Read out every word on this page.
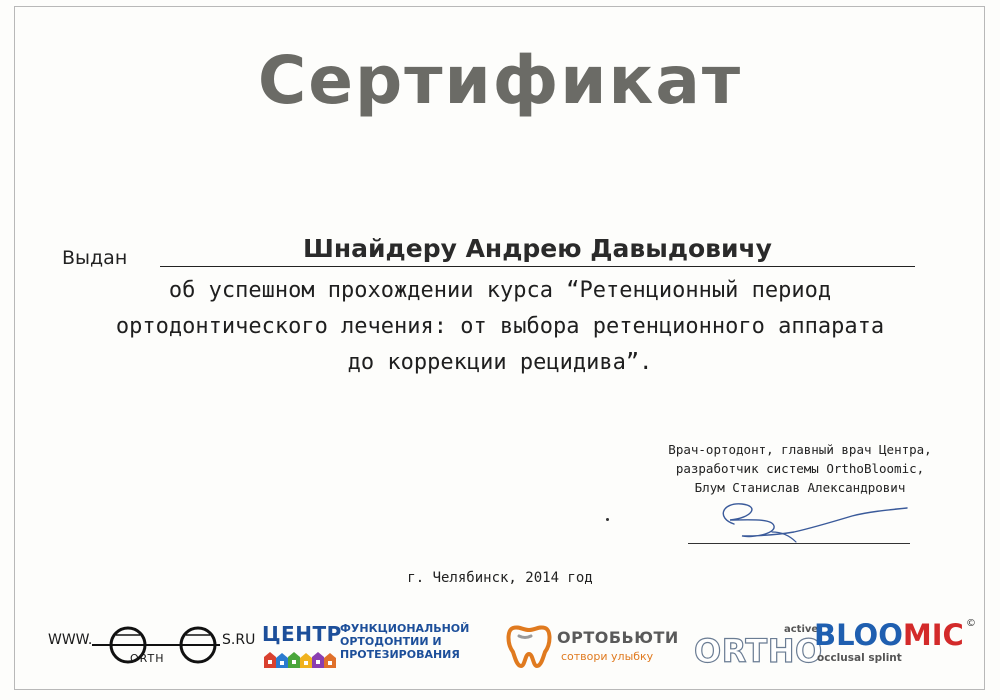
Сертификат
Выдан	Шнайдеру Андрею Давыдовичу
об успешном прохождении курса “Ретенционный период
ортодонтического лечения: от выбора ретенционного аппарата
до коррекции рецидива”.
Врач-ортодонт, главный врач Центра,
разработчик системы OrthoBloomic,
Блум Станислав Александрович
г. Челябинск, 2014 год
WWW.	S.RU
ORTH
ЦЕНТР
ФУНКЦИОНАЛЬНОЙ
ОРТОДОНТИИ И
ПРОТЕЗИРОВАНИЯ
ОРТОБЬЮТИ
сотвори улыбку ORTHO
active
BLOOMIC ©
occlusal splint
